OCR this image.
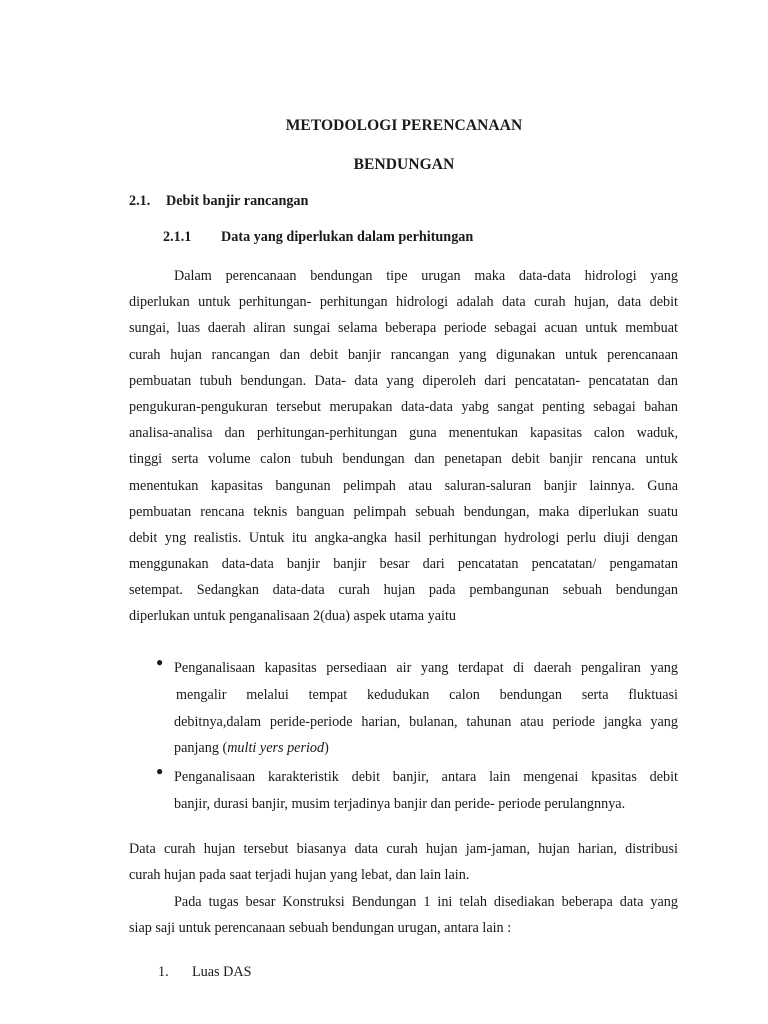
METODOLOGI PERENCANAAN
BENDUNGAN
2.1. Debit banjir rancangan
2.1.1 Data yang diperlukan dalam perhitungan
Dalam perencanaan bendungan tipe urugan maka data-data hidrologi yang
diperlukan untuk perhitungan- perhitungan hidrologi adalah data curah hujan, data debit
sungai, luas daerah aliran sungai selama beberapa periode sebagai acuan untuk membuat
curah hujan rancangan dan debit banjir rancangan yang digunakan untuk perencanaan
pembuatan tubuh bendungan. Data- data yang diperoleh dari pencatatan- pencatatan dan
pengukuran-pengukuran tersebut merupakan data-data yabg sangat penting sebagai bahan
analisa-analisa dan perhitungan-perhitungan guna menentukan kapasitas calon waduk,
tinggi serta volume calon tubuh bendungan dan penetapan debit banjir rencana untuk
menentukan kapasitas bangunan pelimpah atau saluran-saluran banjir lainnya. Guna
pembuatan rencana teknis banguan pelimpah sebuah bendungan, maka diperlukan suatu
debit yng realistis. Untuk itu angka-angka hasil perhitungan hydrologi perlu diuji dengan
menggunakan data-data banjir banjir besar dari pencatatan pencatatan/ pengamatan
setempat. Sedangkan data-data curah hujan pada pembangunan sebuah bendungan
diperlukan untuk penganalisaan 2(dua) aspek utama yaitu
● Penganalisaan kapasitas persediaan air yang terdapat di daerah pengaliran yang
mengalir melalui tempat kedudukan calon bendungan serta fluktuasi
debitnya,dalam peride-periode harian, bulanan, tahunan atau periode jangka yang
panjang (multi yers period)
● Penganalisaan karakteristik debit banjir, antara lain mengenai kpasitas debit
banjir, durasi banjir, musim terjadinya banjir dan peride- periode perulangnnya.
Data curah hujan tersebut biasanya data curah hujan jam-jaman, hujan harian, distribusi
curah hujan pada saat terjadi hujan yang lebat, dan lain lain.
Pada tugas besar Konstruksi Bendungan 1 ini telah disediakan beberapa data yang
siap saji untuk perencanaan sebuah bendungan urugan, antara lain :
1. Luas DAS
